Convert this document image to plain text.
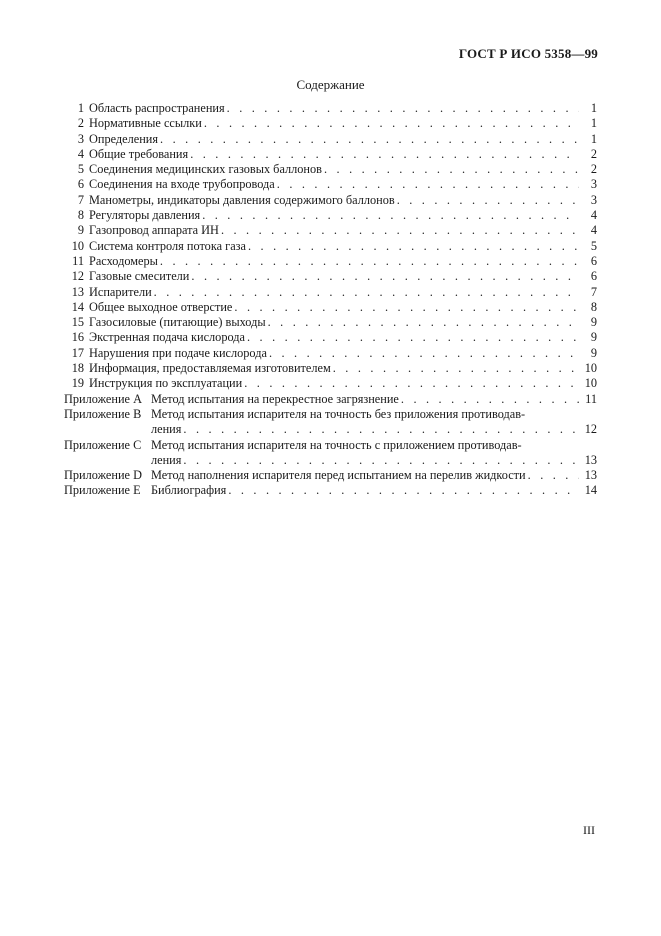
ГОСТ Р ИСО 5358—99
Содержание
1 Область распространения . . .	1
2 Нормативные ссылки . . .	1
3 Определения . . .	1
4 Общие требования . . .	2
5 Соединения медицинских газовых баллонов . . .	2
6 Соединения на входе трубопровода . . .	3
7 Манометры, индикаторы давления содержимого баллонов . . .	3
8 Регуляторы давления . . .	4
9 Газопровод аппарата ИН . . .	4
10 Система контроля потока газа . . .	5
11 Расходомеры . . .	6
12 Газовые смесители . . .	6
13 Испарители . . .	7
14 Общее выходное отверстие . . .	8
15 Газосиловые (питающие) выходы . . .	9
16 Экстренная подача кислорода . . .	9
17 Нарушения при подаче кислорода . . .	9
18 Информация, предоставляемая изготовителем . . .	10
19 Инструкция по эксплуатации . . .	10
Приложение А Метод испытания на перекрестное загрязнение . . .	11
Приложение В Метод испытания испарителя на точность без приложения противодав-
ления . . .	12
Приложение С Метод испытания испарителя на точность с приложением противодав-
ления . . .	13
Приложение D Метод наполнения испарителя перед испытанием на перелив жидкости . . .	13
Приложение Е Библиография . . .	14
III
